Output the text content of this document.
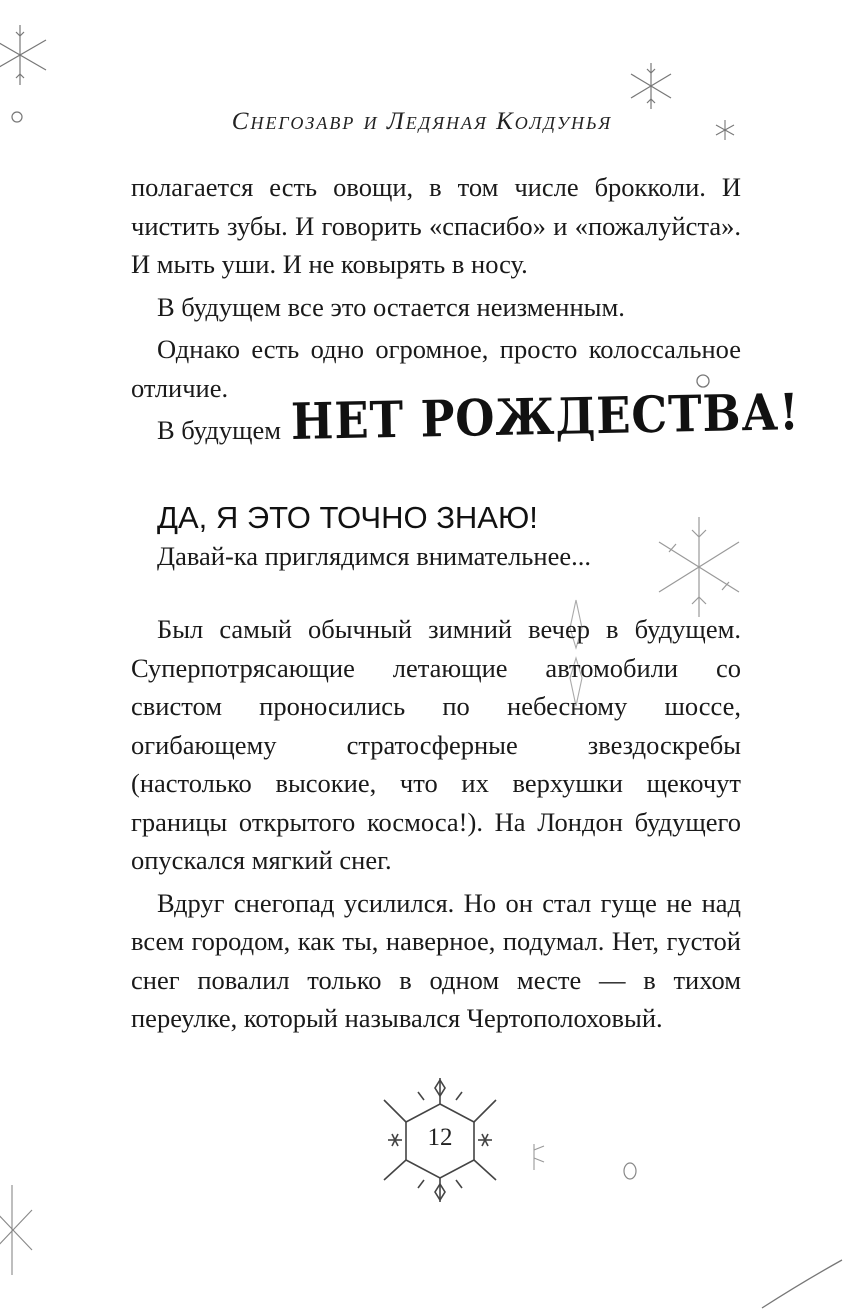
Снегозавр и Ледяная Колдунья

полагается есть овощи, в том числе брокколи. И чистить зубы. И говорить «спасибо» и «пожалуйста». И мыть уши. И не ковырять в носу.

В будущем все это остается неизменным.

Однако есть одно огромное, просто колоссальное отличие.

В будущем НЕТ РОЖДЕСТВА!
ДА, Я ЭТО ТОЧНО ЗНАЮ!
Давай-ка приглядимся внимательнее...

Был самый обычный зимний вечер в будущем. Суперпотрясающие летающие автомобили со свистом проносились по небесному шоссе, огибающему стратосферные звездоскребы (настолько высокие, что их верхушки щекочут границы открытого космоса!). На Лондон будущего опускался мягкий снег.

Вдруг снегопад усилился. Но он стал гуще не над всем городом, как ты, наверное, подумал. Нет, густой снег повалил только в одном месте — в тихом переулке, который назывался Чертополоховый.

12
